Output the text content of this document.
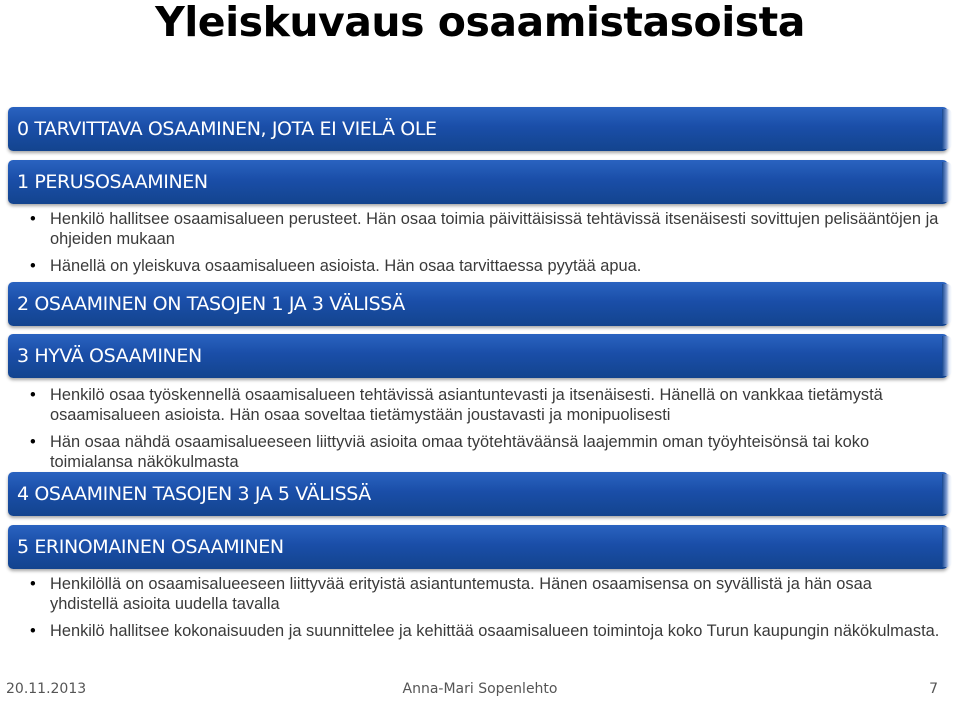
Yleiskuvaus osaamistasoista
0 TARVITTAVA OSAAMINEN, JOTA EI VIELÄ OLE
1 PERUSOSAAMINEN
• Henkilö hallitsee osaamisalueen perusteet. Hän osaa toimia päivittäisissä tehtävissä itsenäisesti sovittujen pelisääntöjen ja ohjeiden mukaan
• Hänellä on yleiskuva osaamisalueen asioista. Hän osaa tarvittaessa pyytää apua.
2 OSAAMINEN ON TASOJEN 1 JA 3 VÄLISSÄ
3 HYVÄ OSAAMINEN
• Henkilö osaa työskennellä osaamisalueen tehtävissä asiantuntevasti ja itsenäisesti. Hänellä on vankkaa tietämystä osaamisalueen asioista. Hän osaa soveltaa tietämystään joustavasti ja monipuolisesti
• Hän osaa nähdä osaamisalueeseen liittyviä asioita omaa työtehtäväänsä laajemmin oman työyhteisönsä tai koko toimialansa näkökulmasta
4 OSAAMINEN TASOJEN 3 JA 5 VÄLISSÄ
5 ERINOMAINEN OSAAMINEN
• Henkilöllä on osaamisalueeseen liittyvää erityistä asiantuntemusta. Hänen osaamisensa on syvällistä ja hän osaa yhdistellä asioita uudella tavalla
• Henkilö hallitsee kokonaisuuden ja suunnittelee ja kehittää osaamisalueen toimintoja koko Turun kaupungin näkökulmasta.
20.11.2013	Anna-Mari Sopenlehto	7
